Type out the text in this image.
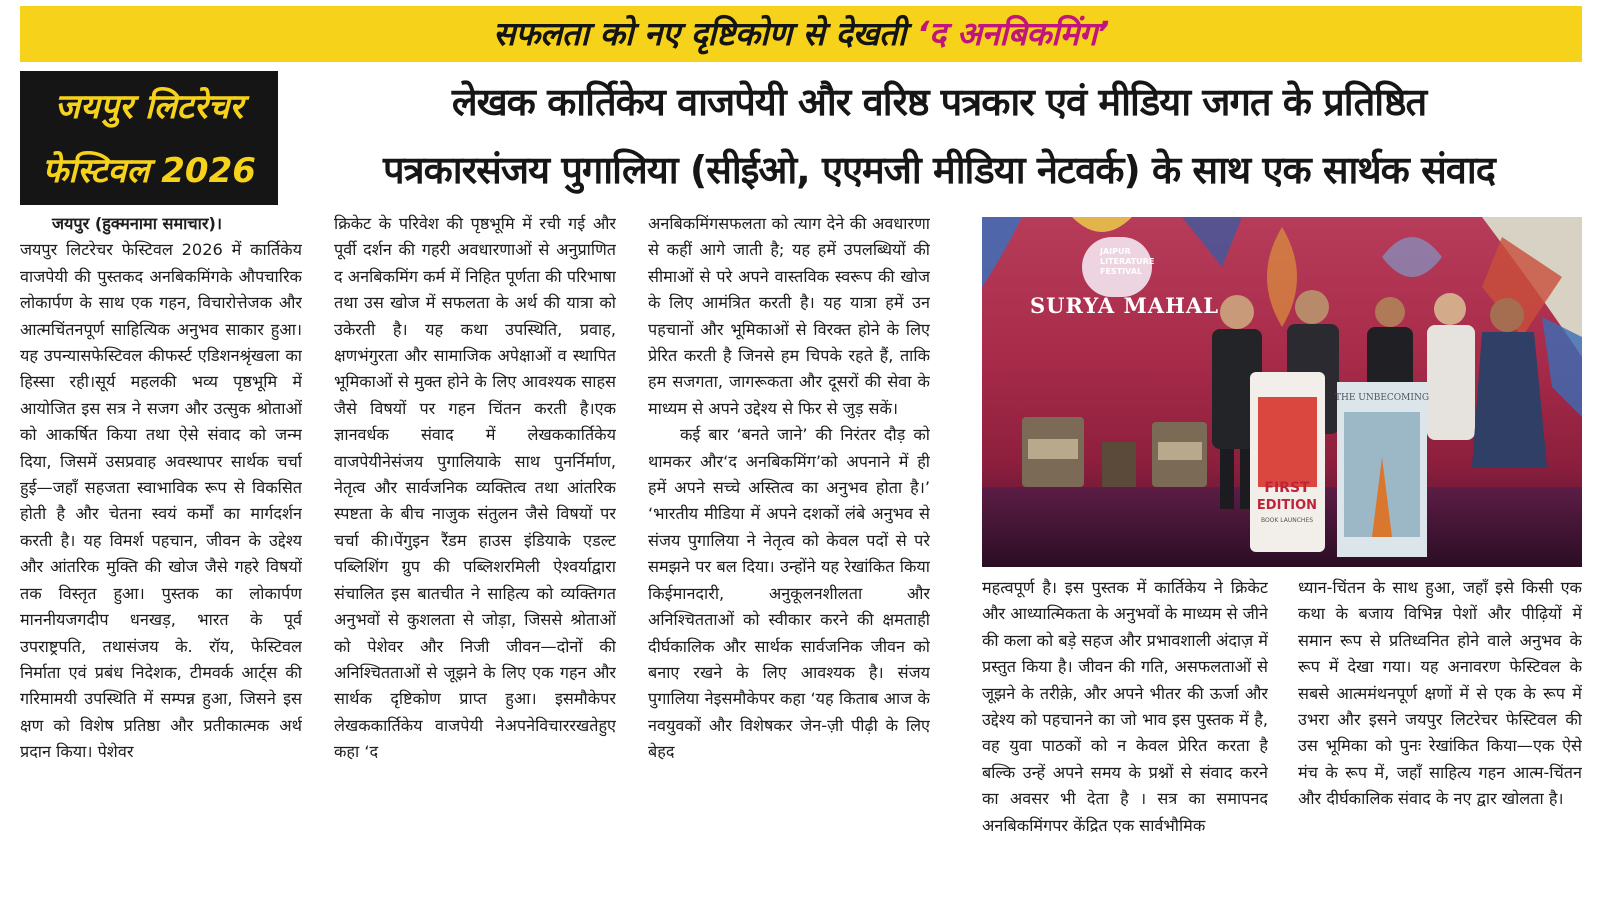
सफलता को नए दृष्टिकोण से देखती ‘द अनबिकमिंग’
जयपुर लिटरेचर
फेस्टिवल 2026
लेखक कार्तिकेय वाजपेयी और वरिष्ठ पत्रकार एवं मीडिया जगत के प्रतिष्ठित
पत्रकारसंजय पुगालिया (सीईओ, एएमजी मीडिया नेटवर्क) के साथ एक सार्थक संवाद

जयपुर (हुक्मनामा समाचार)।

जयपुर लिटरेचर फेस्टिवल 2026 में कार्तिकेय वाजपेयी की पुस्तकद अनबिकमिंगके औपचारिक लोकार्पण के साथ एक गहन, विचारोत्तेजक और आत्मचिंतनपूर्ण साहित्यिक अनुभव साकार हुआ। यह उपन्यासफेस्टिवल कीफर्स्ट एडिशनश्रृंखला का हिस्सा रही।सूर्य महलकी भव्य पृष्ठभूमि में आयोजित इस सत्र ने सजग और उत्सुक श्रोताओं को आकर्षित किया तथा ऐसे संवाद को जन्म दिया, जिसमें उसप्रवाह अवस्थापर सार्थक चर्चा हुई—जहाँ सहजता स्वाभाविक रूप से विकसित होती है और चेतना स्वयं कर्मों का मार्गदर्शन करती है। यह विमर्श पहचान, जीवन के उद्देश्य और आंतरिक मुक्ति की खोज जैसे गहरे विषयों तक विस्तृत हुआ। पुस्तक का लोकार्पण माननीयजगदीप धनखड़, भारत के पूर्व उपराष्ट्रपति, तथासंजय के. रॉय, फेस्टिवल निर्माता एवं प्रबंध निदेशक, टीमवर्क आर्ट्स की गरिमामयी उपस्थिति में सम्पन्न हुआ, जिसने इस क्षण को विशेष प्रतिष्ठा और प्रतीकात्मक अर्थ प्रदान किया। पेशेवर

क्रिकेट के परिवेश की पृष्ठभूमि में रची गई और पूर्वी दर्शन की गहरी अवधारणाओं से अनुप्राणित द अनबिकमिंग कर्म में निहित पूर्णता की परिभाषा तथा उस खोज में सफलता के अर्थ की यात्रा को उकेरती है। यह कथा उपस्थिति, प्रवाह, क्षणभंगुरता और सामाजिक अपेक्षाओं व स्थापित भूमिकाओं से मुक्त होने के लिए आवश्यक साहस जैसे विषयों पर गहन चिंतन करती है।एक ज्ञानवर्धक संवाद में लेखककार्तिकेय वाजपेयीनेसंजय पुगालियाके साथ पुनर्निर्माण, नेतृत्व और सार्वजनिक व्यक्तित्व तथा आंतरिक स्पष्टता के बीच नाजुक संतुलन जैसे विषयों पर चर्चा की।पेंगुइन रैंडम हाउस इंडियाके एडल्ट पब्लिशिंग ग्रुप की पब्लिशरमिली ऐश्वर्याद्वारा संचालित इस बातचीत ने साहित्य को व्यक्तिगत अनुभवों से कुशलता से जोड़ा, जिससे श्रोताओं को पेशेवर और निजी जीवन—दोनों की अनिश्चितताओं से जूझने के लिए एक गहन और सार्थक दृष्टिकोण प्राप्त हुआ। इसमौकेपर लेखककार्तिकेय वाजपेयी नेअपनेविचाररखतेहुए कहा ‘द

अनबिकमिंगसफलता को त्याग देने की अवधारणा से कहीं आगे जाती है; यह हमें उपलब्धियों की सीमाओं से परे अपने वास्तविक स्वरूप की खोज के लिए आमंत्रित करती है। यह यात्रा हमें उन पहचानों और भूमिकाओं से विरक्त होने के लिए प्रेरित करती है जिनसे हम चिपके रहते हैं, ताकि हम सजगता, जागरूकता और दूसरों की सेवा के माध्यम से अपने उद्देश्य से फिर से जुड़ सकें।

कई बार ‘बनते जाने’ की निरंतर दौड़ को थामकर और‘द अनबिकमिंग’को अपनाने में ही हमें अपने सच्चे अस्तित्व का अनुभव होता है।’ ‘भारतीय मीडिया में अपने दशकों लंबे अनुभव से संजय पुगालिया ने नेतृत्व को केवल पदों से परे समझने पर बल दिया। उन्होंने यह रेखांकित किया किईमानदारी, अनुकूलनशीलता और अनिश्चितताओं को स्वीकार करने की क्षमताही दीर्घकालिक और सार्थक सार्वजनिक जीवन को बनाए रखने के लिए आवश्यक है। संजय पुगालिया नेइसमौकेपर कहा ‘यह किताब आज के नवयुवकों और विशेषकर जेन-ज़ी पीढ़ी के लिए बेहद

FIRST
EDITION
BOOK LAUNCHES
THE UNBECOMING
JAIPUR
LITERATURE
FESTIVAL
SURYA MAHAL

महत्वपूर्ण है। इस पुस्तक में कार्तिकेय ने क्रिकेट और आध्यात्मिकता के अनुभवों के माध्यम से जीने की कला को बड़े सहज और प्रभावशाली अंदाज़ में प्रस्तुत किया है। जीवन की गति, असफलताओं से जूझने के तरीक़े, और अपने भीतर की ऊर्जा और उद्देश्य को पहचानने का जो भाव इस पुस्तक में है, वह युवा पाठकों को न केवल प्रेरित करता है बल्कि उन्हें अपने समय के प्रश्नों से संवाद करने का अवसर भी देता है । सत्र का समापनद अनबिकमिंगपर केंद्रित एक सार्वभौमिक

ध्यान-चिंतन के साथ हुआ, जहाँ इसे किसी एक कथा के बजाय विभिन्न पेशों और पीढ़ियों में समान रूप से प्रतिध्वनित होने वाले अनुभव के रूप में देखा गया। यह अनावरण फेस्टिवल के सबसे आत्ममंथनपूर्ण क्षणों में से एक के रूप में उभरा और इसने जयपुर लिटरेचर फेस्टिवल की उस भूमिका को पुनः रेखांकित किया—एक ऐसे मंच के रूप में, जहाँ साहित्य गहन आत्म-चिंतन और दीर्घकालिक संवाद के नए द्वार खोलता है।
